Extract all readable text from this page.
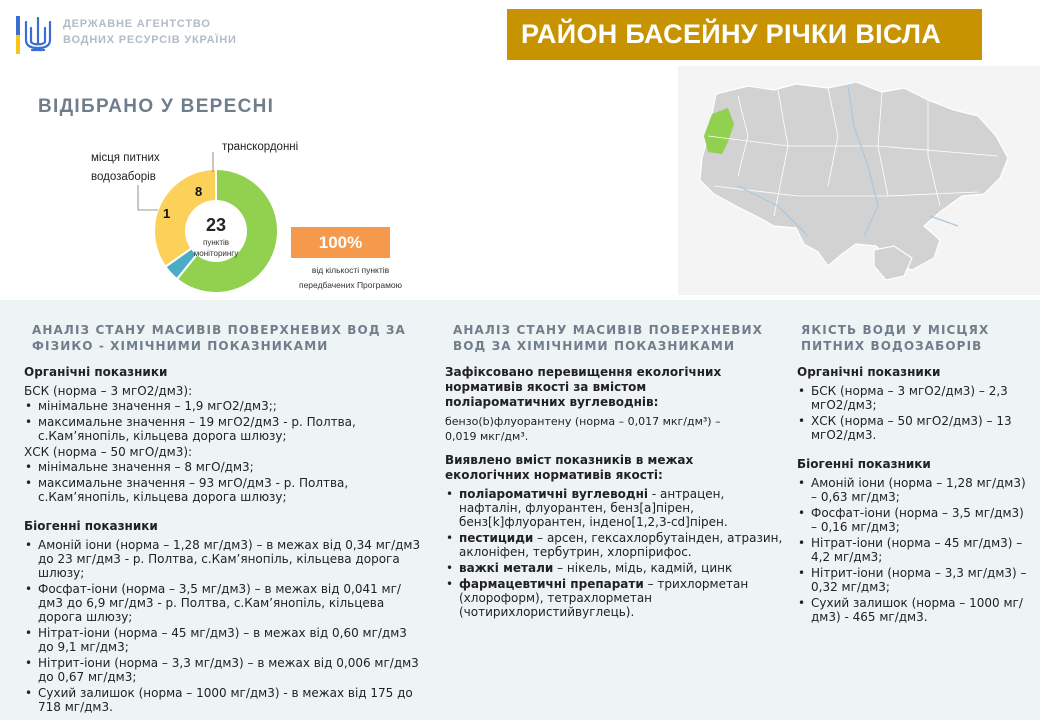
ДЕРЖАВНЕ АГЕНТСТВО
ВОДНИХ РЕСУРСІВ УКРАЇНИ	РАЙОН БАСЕЙНУ РІЧКИ ВІСЛА
ВІДІБРАНО У ВЕРЕСНІ
місця питних
водозаборів
транскордонні
1
8
23
пунктів
моніторингу
100%
від кількості пунктів
передбачених Програмою
АНАЛІЗ СТАНУ МАСИВІВ ПОВЕРХНЕВИХ ВОД ЗА
ФІЗИКО - ХІМІЧНИМИ ПОКАЗНИКАМИ
Органічні показники
БСК (норма – 3 мгО2/дм3):
• мінімальне значення – 1,9 мгО2/дм3;;
• максимальне значення – 19 мгО2/дм3 - р. Полтва, с.Кам’янопіль, кільцева дорога шлюзу;
ХСК (норма – 50 мгО/дм3):
• мінімальне значення – 8 мгО/дм3;
• максимальне значення – 93 мгО/дм3 - р. Полтва, с.Кам’янопіль, кільцева дорога шлюзу;
Біогенні показники
• Амоній іони (норма – 1,28 мг/дм3) – в межах від 0,34 мг/дм3 до 23 мг/дм3 - р. Полтва, с.Кам’янопіль, кільцева дорога шлюзу;
• Фосфат-іони (норма – 3,5 мг/дм3) – в межах від 0,041 мг/дм3 до 6,9 мг/дм3 - р. Полтва, с.Кам’янопіль, кільцева дорога шлюзу;
• Нітрат-іони (норма – 45 мг/дм3) – в межах від 0,60 мг/дм3 до 9,1 мг/дм3;
• Нітрит-іони (норма – 3,3 мг/дм3) – в межах від 0,006 мг/дм3 до 0,67 мг/дм3;
• Сухий залишок (норма – 1000 мг/дм3) - в межах від 175 до 718 мг/дм3.
АНАЛІЗ СТАНУ МАСИВІВ ПОВЕРХНЕВИХ
ВОД ЗА ХІМІЧНИМИ ПОКАЗНИКАМИ
Зафіксовано перевищення екологічних
нормативів якості за вмістом
поліароматичних вуглеводнів:
бензо(b)флуорантену (норма – 0,017 мкг/дм³) –
0,019 мкг/дм³.
Виявлено вміст показників в межах
екологічних нормативів якості:
• поліароматичні вуглеводні - антрацен, нафталін, флуорантен, бенз[а]пірен, бенз[k]флуорантен, індено[1,2,3-cd]пірен.
• пестициди – арсен, гексахлорбутаінден, атразин, аклоніфен, тербутрин, хлорпірифос.
• важкі метали – нікель, мідь, кадмій, цинк
• фармацевтичні препарати – трихлорметан (хлороформ), тетрахлорметан (чотирихлористийвуглець).
ЯКІСТЬ ВОДИ У МІСЦЯХ
ПИТНИХ ВОДОЗАБОРІВ
Органічні показники
• БСК (норма – 3 мгО2/дм3) – 2,3 мгО2/дм3;
• ХСК (норма – 50 мгО2/дм3) – 13 мгО2/дм3.
Біогенні показники
• Амоній іони (норма – 1,28 мг/дм3) – 0,63 мг/дм3;
• Фосфат-іони (норма – 3,5 мг/дм3) – 0,16 мг/дм3;
• Нітрат-іони (норма – 45 мг/дм3) – 4,2 мг/дм3;
• Нітрит-іони (норма – 3,3 мг/дм3) – 0,32 мг/дм3;
• Сухий залишок (норма – 1000 мг/дм3) - 465 мг/дм3.
